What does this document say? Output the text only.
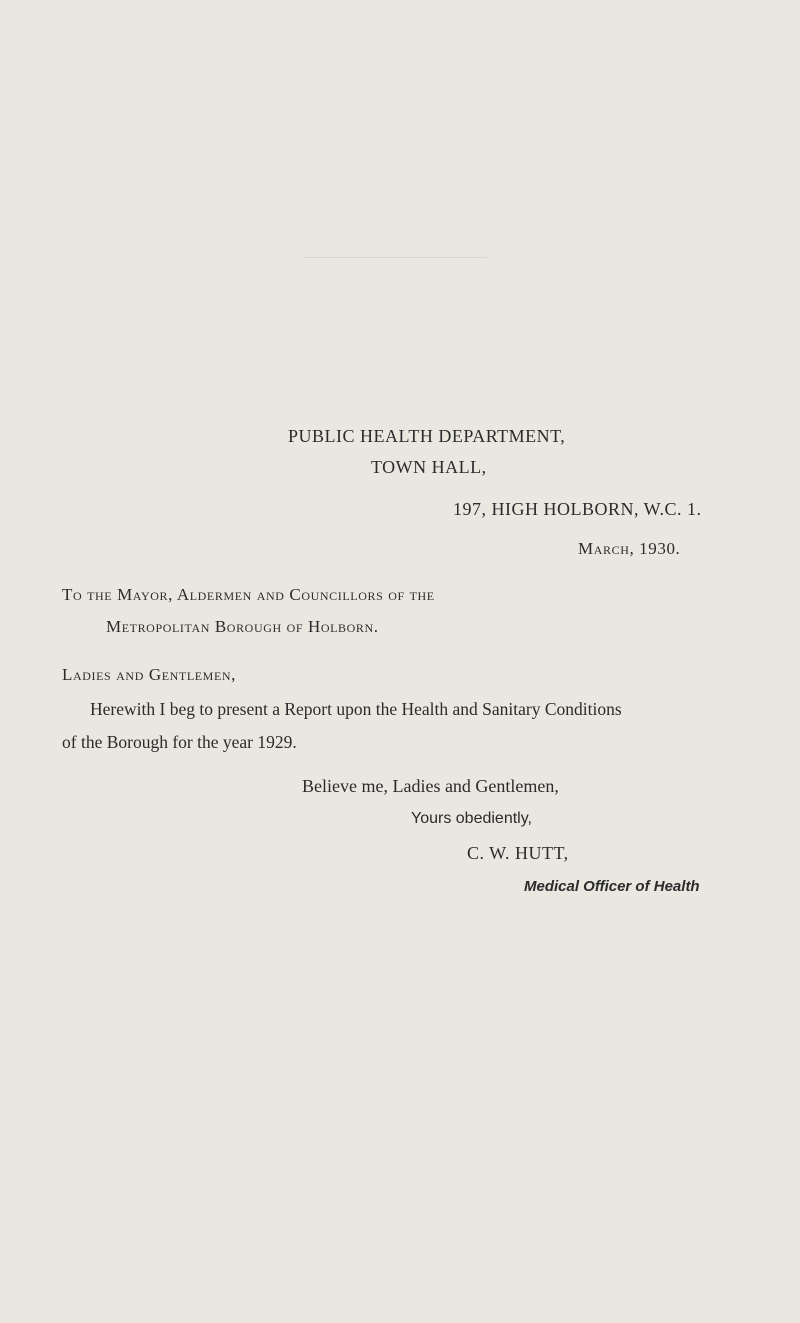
PUBLIC HEALTH DEPARTMENT,
TOWN HALL,
197, HIGH HOLBORN, W.C. 1.
March, 1930.
To the Mayor, Aldermen and Councillors of the
Metropolitan Borough of Holborn.
Ladies and Gentlemen,
Herewith I beg to present a Report upon the Health and Sanitary Conditions
of the Borough for the year 1929.
Believe me, Ladies and Gentlemen,
Yours obediently,
C. W. HUTT,
Medical Officer of Health
